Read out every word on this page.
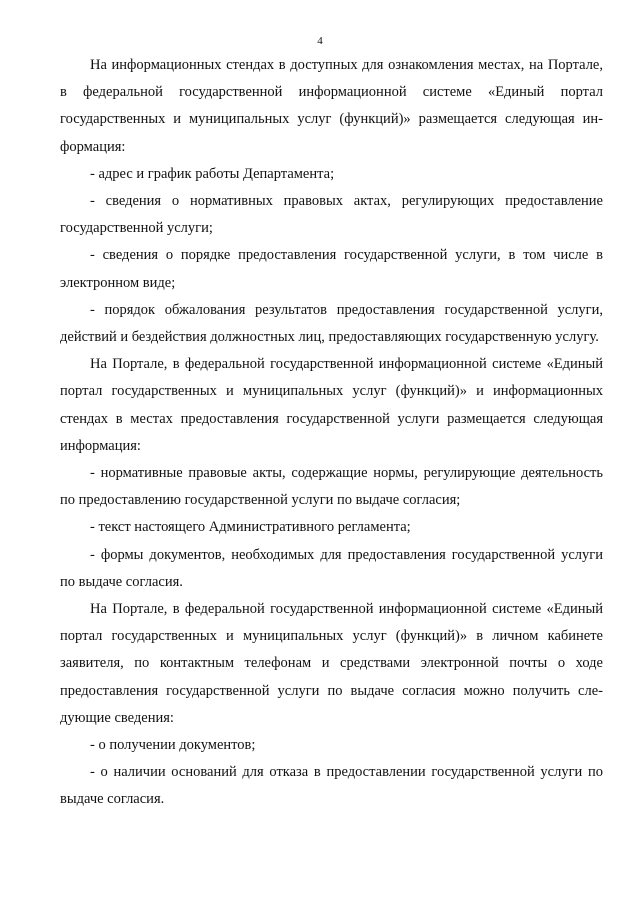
4

На информационных стендах в доступных для ознакомления местах, на Портале, в федеральной государственной информационной системе «Единый портал государственных и муниципальных услуг (функций)» размещается следующая информация:

- адрес и график работы Департамента;

- сведения о нормативных правовых актах, регулирующих предоставление государственной услуги;

- сведения о порядке предоставления государственной услуги, в том числе в электронном виде;

- порядок обжалования результатов предоставления государственной услуги, действий и бездействия должностных лиц, предоставляющих государственную услугу.

На Портале, в федеральной государственной информационной системе «Единый портал государственных и муниципальных услуг (функций)» и информационных стендах в местах предоставления государственной услуги размещается следующая информация:

- нормативные правовые акты, содержащие нормы, регулирующие деятельность по предоставлению государственной услуги по выдаче согласия;

- текст настоящего Административного регламента;

- формы документов, необходимых для предоставления государственной услуги по выдаче согласия.

На Портале, в федеральной государственной информационной системе «Единый портал государственных и муниципальных услуг (функций)» в личном кабинете заявителя, по контактным телефонам и средствами электронной почты о ходе предоставления государственной услуги по выдаче согласия можно получить следующие сведения:

- о получении документов;

- о наличии оснований для отказа в предоставлении государственной услуги по выдаче согласия.
